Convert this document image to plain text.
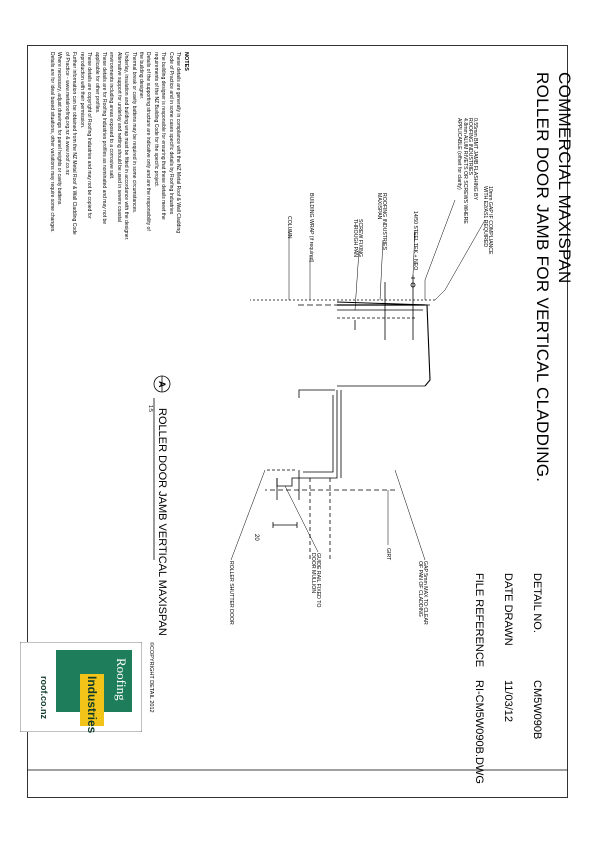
COMMERCIAL MAXISPAN
ROLLER DOOR JAMB FOR VERTICAL CLADDING.
DETAIL NO.
CM5W090B
DATE DRAWN
11/03/12
FILE REFERENCE
RI-CM5W090B.DWG
©COPYRIGHT DETAIL 2012
NOTES
These details are generally in compliance with the NZ Metal Roof & Wall Cladding
Code of Practice and in some cases specific details by Roofing Industries
The building designer is responsible for ensuring that these details meet the
requirements of the NZ Building Code for the specific project.
Details of the supporting structure are indicative only and are the responsibility of
the building designer.
Thermal break or cavity battens may be required in some circumstances.
Underlay, insulation and building wrap must be fitted in accordance with the designer.
Alternative support for underlay and netting should be used in severe coastal
environments including areas exposed to a corrosive salt.
These details are for Roofing Industries profiles as nominated and may not be
applicable for other profiles.
These details are copyright of Roofing Industries and may not be copied for
reproduction with their permission.
Further information can be obtained from the NZ Metal Roof & Wall Cladding Code
of Practice - www.metalroofing.org.nz & www.roof.co.nz
Where necessary, adjust drawings for panel heights or cavity battens.
Details are for ideal based situations, other variations may require some changes.	10mm GAP IF COMPLIANCE
WITH E2/AS1 REQUIRED
0.55mm BMT JAMB FLASHING BY
ROOFING INDUSTRIES
4.8mm ALUM RIVETS OR SCREWS WHERE
APPLICABLE (offset for clarity)
14/50 STEEL TEK + NEO
ROOFING INDUSTRIES
MAXISPAN
SCREW FIXING
THROUGH PAN
BUILDING WRAP (if required)
COLUMN
GIRT
GAP 5mm MAX TO CLEAR
OF PAN OF CLADDING
GUIDE RAIL FIXED TO
DOOR MULLION
ROLLER SHUTTER DOOR
20
A
1:5 ROLLER DOOR JAMB VERTICAL MAXISPAN
Roofing
Industries
roof.co.nz
